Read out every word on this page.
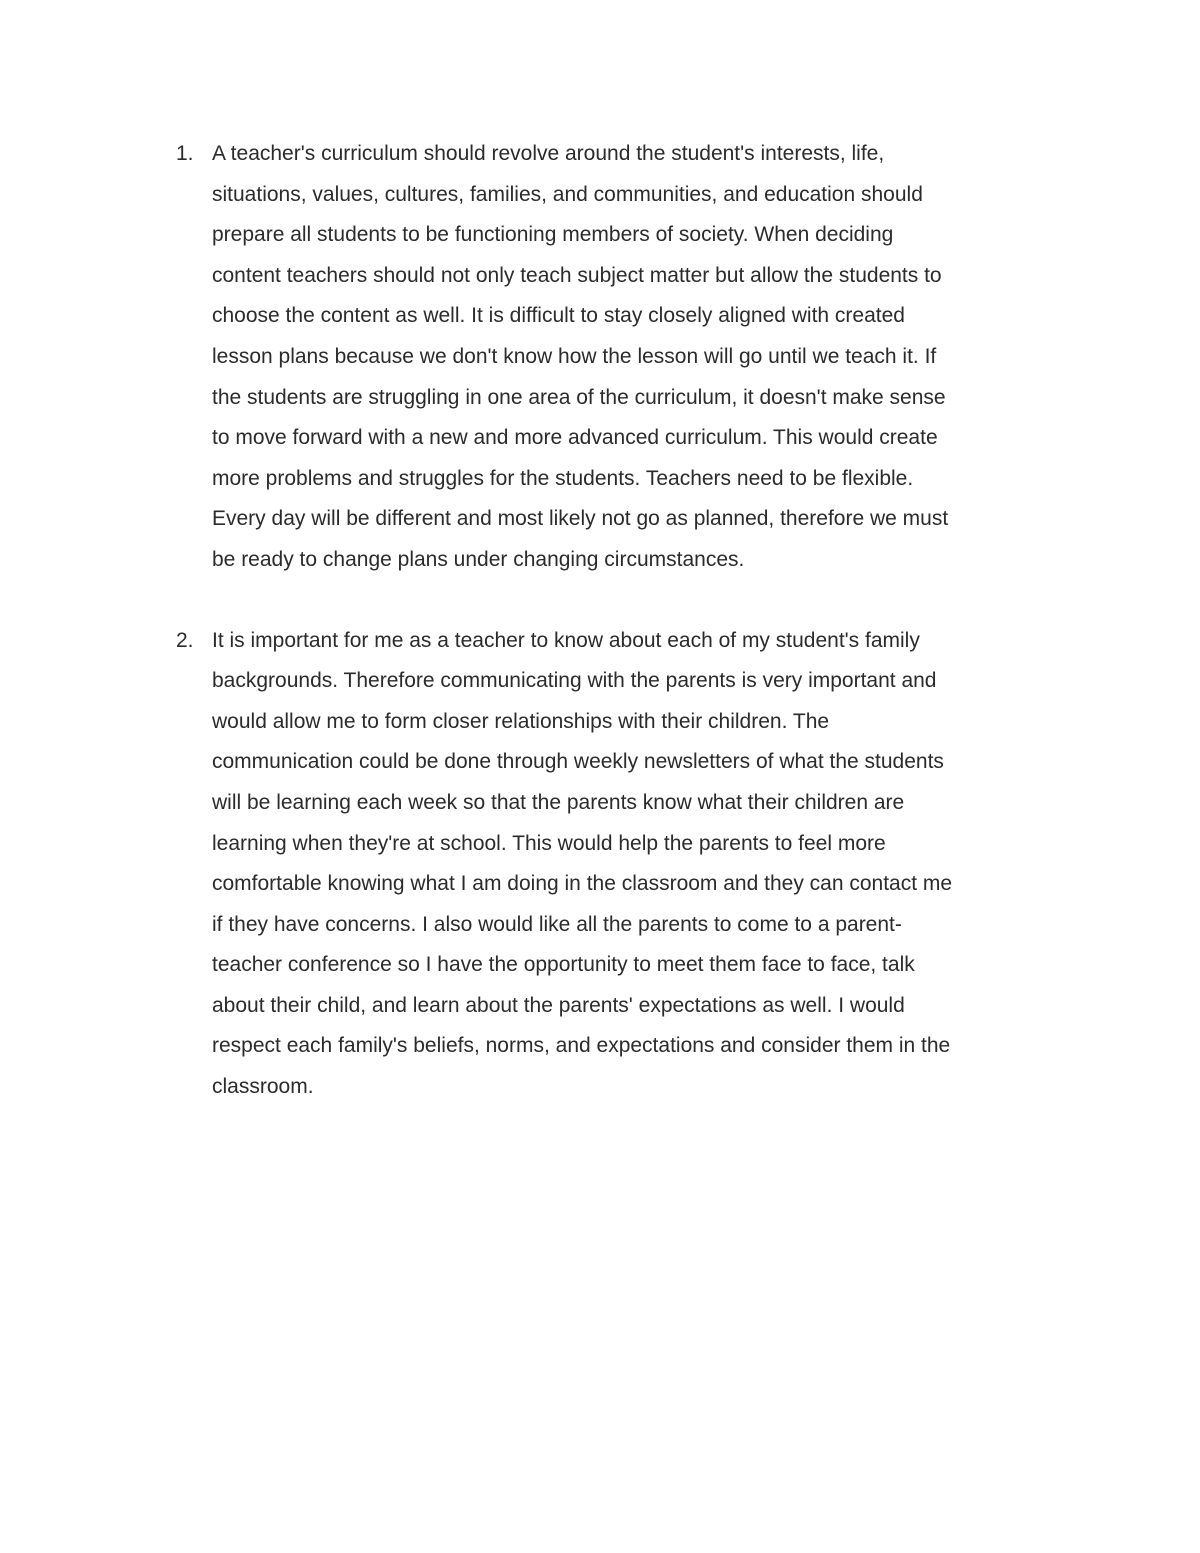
1. A teacher's curriculum should revolve around the student's interests, life,
situations, values, cultures, families, and communities, and education should
prepare all students to be functioning members of society. When deciding
content teachers should not only teach subject matter but allow the students to
choose the content as well. It is difficult to stay closely aligned with created
lesson plans because we don't know how the lesson will go until we teach it. If
the students are struggling in one area of the curriculum, it doesn't make sense
to move forward with a new and more advanced curriculum. This would create
more problems and struggles for the students. Teachers need to be flexible.
Every day will be different and most likely not go as planned, therefore we must
be ready to change plans under changing circumstances.
2. It is important for me as a teacher to know about each of my student's family
backgrounds. Therefore communicating with the parents is very important and
would allow me to form closer relationships with their children. The
communication could be done through weekly newsletters of what the students
will be learning each week so that the parents know what their children are
learning when they're at school. This would help the parents to feel more
comfortable knowing what I am doing in the classroom and they can contact me
if they have concerns. I also would like all the parents to come to a parent-
teacher conference so I have the opportunity to meet them face to face, talk
about their child, and learn about the parents' expectations as well. I would
respect each family's beliefs, norms, and expectations and consider them in the
classroom.
